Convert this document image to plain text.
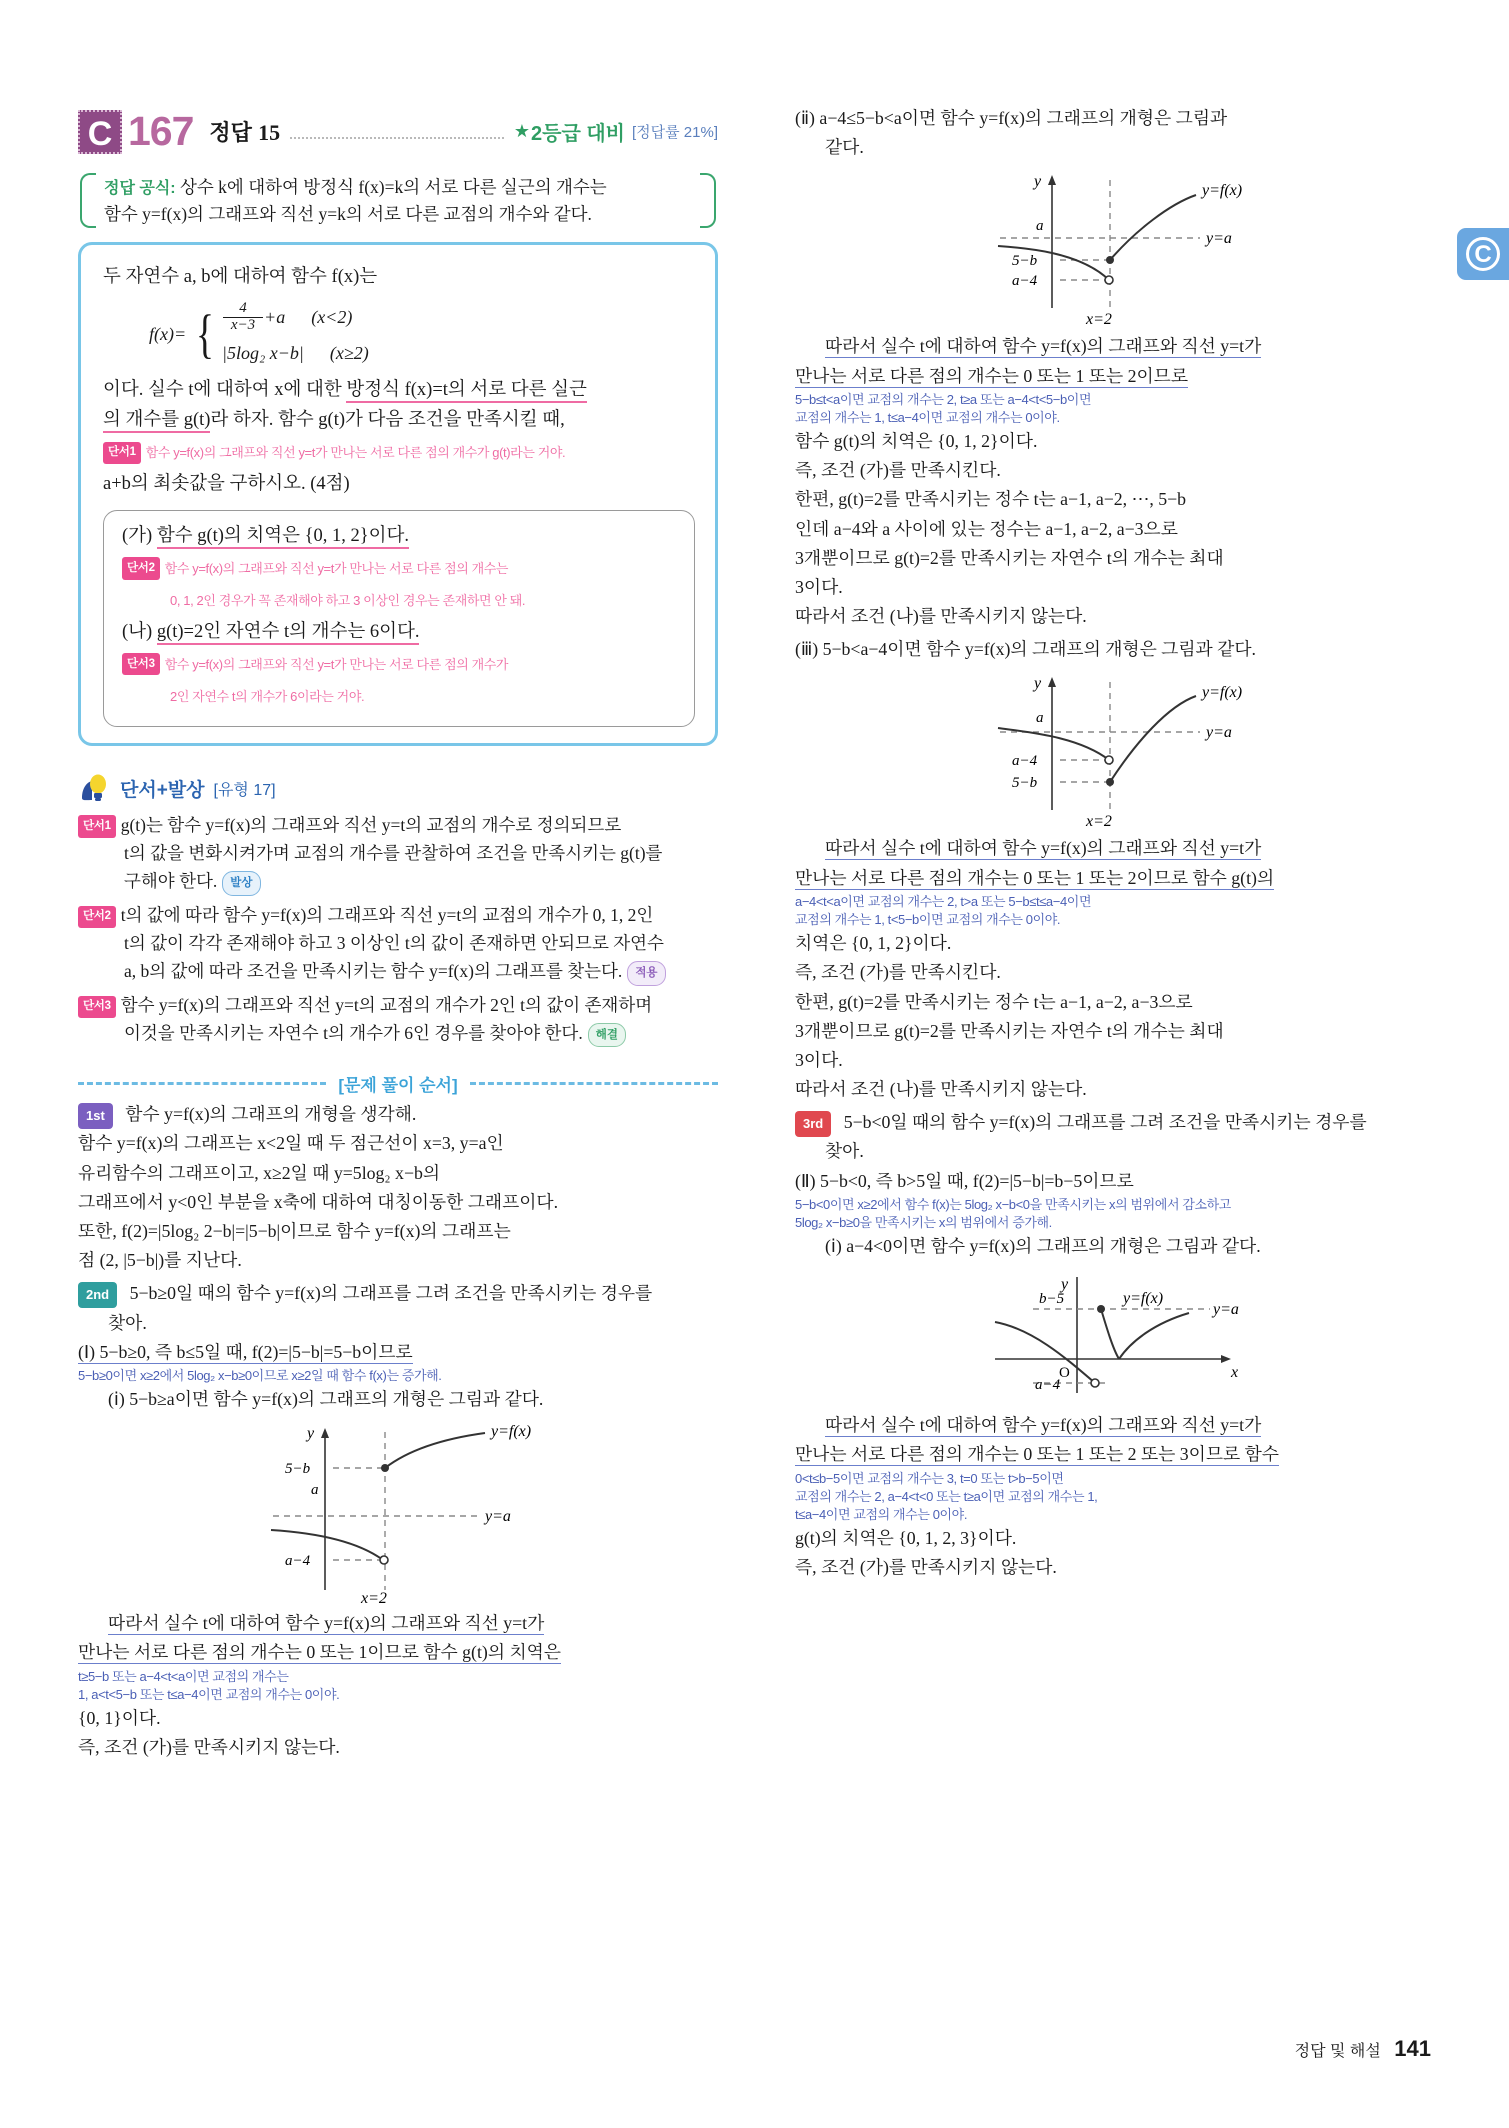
C
C 167 정답 15	★ 2등급 대비 [정답률 21%]
정답 공식: 상수 k에 대하여 방정식 f(x)=k의 서로 다른 실근의 개수는
함수 y=f(x)의 그래프와 직선 y=k의 서로 다른 교점의 개수와 같다.
두 자연수 a, b에 대하여 함수 f(x)는
f(x)= { $\frac{4}{x-3} +a$ (x<2)
|5log₂ x−b| (x≥2)
이다. 실수 t에 대하여 x에 대한 방정식 f(x)=t의 서로 다른 실근
의 개수를 g(t)라 하자. 함수 g(t)가 다음 조건을 만족시킬 때,
단서1 함수 y=f(x)의 그래프와 직선 y=t가 만나는 서로 다른 점의 개수가 g(t)라는 거야.
a+b의 최솟값을 구하시오. (4점)
(가) 함수 g(t)의 치역은 {0, 1, 2}이다.
단서2 함수 y=f(x)의 그래프와 직선 y=t가 만나는 서로 다른 점의 개수는
0, 1, 2인 경우가 꼭 존재해야 하고 3 이상인 경우는 존재하면 안 돼.
(나) g(t)=2인 자연수 t의 개수는 6이다.
단서3 함수 y=f(x)의 그래프와 직선 y=t가 만나는 서로 다른 점의 개수가
2인 자연수 t의 개수가 6이라는 거야.
단서+발상 [유형 17]
단서1 g(t)는 함수 y=f(x)의 그래프와 직선 y=t의 교점의 개수로 정의되므로
t의 값을 변화시켜가며 교점의 개수를 관찰하여 조건을 만족시키는 g(t)를
구해야 한다. 발상
단서2 t의 값에 따라 함수 y=f(x)의 그래프와 직선 y=t의 교점의 개수가 0, 1, 2인
t의 값이 각각 존재해야 하고 3 이상인 t의 값이 존재하면 안되므로 자연수
a, b의 값에 따라 조건을 만족시키는 함수 y=f(x)의 그래프를 찾는다. 적용
단서3 함수 y=f(x)의 그래프와 직선 y=t의 교점의 개수가 2인 t의 값이 존재하며
이것을 만족시키는 자연수 t의 개수가 6인 경우를 찾아야 한다. 해결
[문제 풀이 순서]
1st 함수 y=f(x)의 그래프의 개형을 생각해.
함수 y=f(x)의 그래프는 x<2일 때 두 점근선이 x=3, y=a인
유리함수의 그래프이고, x≥2일 때 y=5log₂ x−b의
그래프에서 y<0인 부분을 x축에 대하여 대칭이동한 그래프이다.
또한, f(2)=|5log₂ 2−b|=|5−b|이므로 함수 y=f(x)의 그래프는
점 (2, |5−b|)를 지난다.
2nd 5−b≥0일 때의 함수 y=f(x)의 그래프를 그려 조건을 만족시키는 경우를
찾아.
(Ⅰ) 5−b≥0, 즉 b≤5일 때, f(2)=|5−b|=5−b이므로
5−b≥0이면 x≥2에서 5log₂ x−b≥0이므로 x≥2일 때 함수 f(x)는 증가해.
(ⅰ) 5−b≥a이면 함수 y=f(x)의 그래프의 개형은 그림과 같다.
y	y=f(x)
y=a
5−b
a
a−4
x=2
따라서 실수 t에 대하여 함수 y=f(x)의 그래프와 직선 y=t가
만나는 서로 다른 점의 개수는 0 또는 1이므로 함수 g(t)의 치역은
t≥5−b 또는 a−4<t<a이면 교점의 개수는
1, a<t<5−b 또는 t≤a−4이면 교점의 개수는 0이야.
{0, 1}이다.
즉, 조건 (가)를 만족시키지 않는다.
(ⅱ) a−4≤5−b<a이면 함수 y=f(x)의 그래프의 개형은 그림과
같다.
y
y=f(x)
y=a
a
5−b
a−4
x=2
따라서 실수 t에 대하여 함수 y=f(x)의 그래프와 직선 y=t가
만나는 서로 다른 점의 개수는 0 또는 1 또는 2이므로
5−b≤t<a이면 교점의 개수는 2, t≥a 또는 a−4<t<5−b이면
교점의 개수는 1, t≤a−4이면 교점의 개수는 0이야.
함수 g(t)의 치역은 {0, 1, 2}이다.
즉, 조건 (가)를 만족시킨다.
한편, g(t)=2를 만족시키는 정수 t는 a−1, a−2, ⋯, 5−b
인데 a−4와 a 사이에 있는 정수는 a−1, a−2, a−3으로
3개뿐이므로 g(t)=2를 만족시키는 자연수 t의 개수는 최대
3이다.
따라서 조건 (나)를 만족시키지 않는다.
(ⅲ) 5−b<a−4이면 함수 y=f(x)의 그래프의 개형은 그림과 같다.
y
y=f(x)
y=a
a
a−4
5−b
x=2
따라서 실수 t에 대하여 함수 y=f(x)의 그래프와 직선 y=t가
만나는 서로 다른 점의 개수는 0 또는 1 또는 2이므로 함수 g(t)의
a−4<t<a이면 교점의 개수는 2, t>a 또는 5−b≤t≤a−4이면
교점의 개수는 1, t<5−b이면 교점의 개수는 0이야.
치역은 {0, 1, 2}이다.
즉, 조건 (가)를 만족시킨다.
한편, g(t)=2를 만족시키는 정수 t는 a−1, a−2, a−3으로
3개뿐이므로 g(t)=2를 만족시키는 자연수 t의 개수는 최대
3이다.
따라서 조건 (나)를 만족시키지 않는다.
3rd 5−b<0일 때의 함수 y=f(x)의 그래프를 그려 조건을 만족시키는 경우를
찾아.
(Ⅱ) 5−b<0, 즉 b>5일 때, f(2)=|5−b|=b−5이므로
5−b<0이면 x≥2에서 함수 f(x)는 5log₂ x−b<0을 만족시키는 x의 범위에서 감소하고
5log₂ x−b≥0을 만족시키는 x의 범위에서 증가해.
(ⅰ) a−4<0이면 함수 y=f(x)의 그래프의 개형은 그림과 같다.
b−5	y=f(x)
y=a
O
a−4
x
y
따라서 실수 t에 대하여 함수 y=f(x)의 그래프와 직선 y=t가
만나는 서로 다른 점의 개수는 0 또는 1 또는 2 또는 3이므로 함수
0<t≤b−5이면 교점의 개수는 3, t=0 또는 t>b−5이면
교점의 개수는 2, a−4<t<0 또는 t≥a이면 교점의 개수는 1,
t≤a−4이면 교점의 개수는 0이야.
g(t)의 치역은 {0, 1, 2, 3}이다.
즉, 조건 (가)를 만족시키지 않는다.
정답 및 해설 141
